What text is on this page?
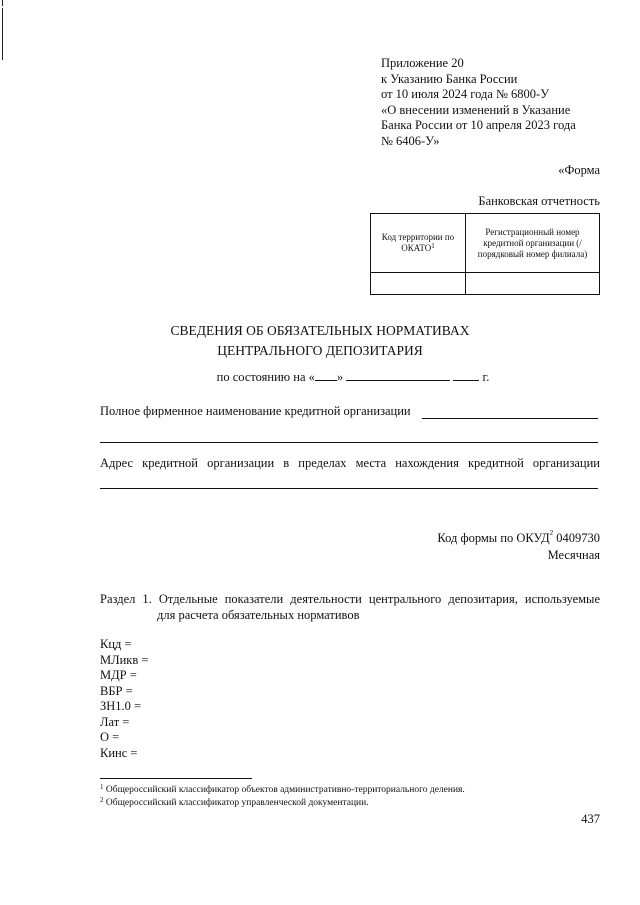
Приложение 20
к Указанию Банка России
от 10 июля 2024 года № 6800-У
«О внесении изменений в Указание
Банка России от 10 апреля 2023 года
№ 6406-У»
«Форма
Банковская отчетность
Код территории по ОКАТО$^1$	Регистрационный номер кредитной организации (/ порядковый номер филиала)

СВЕДЕНИЯ ОБ ОБЯЗАТЕЛЬНЫХ НОРМАТИВАХ
ЦЕНТРАЛЬНОГО ДЕПОЗИТАРИЯ
по состоянию на « »	г.
Полное фирменное наименование кредитной организации
Адрес кредитной организации в пределах места нахождения кредитной организации
Код формы по ОКУД$^2$ 0409730
Месячная
Раздел 1. Отдельные показатели деятельности центрального депозитария, используемые
для расчета обязательных нормативов
Кцд =
МЛикв =
МДР =
ВБР =
ЗН1.0 =
Лат =
О =
Кинс =
$^1$ Общероссийский классификатор объектов административно-территориального деления.
$^2$ Общероссийский классификатор управленческой документации.
437
